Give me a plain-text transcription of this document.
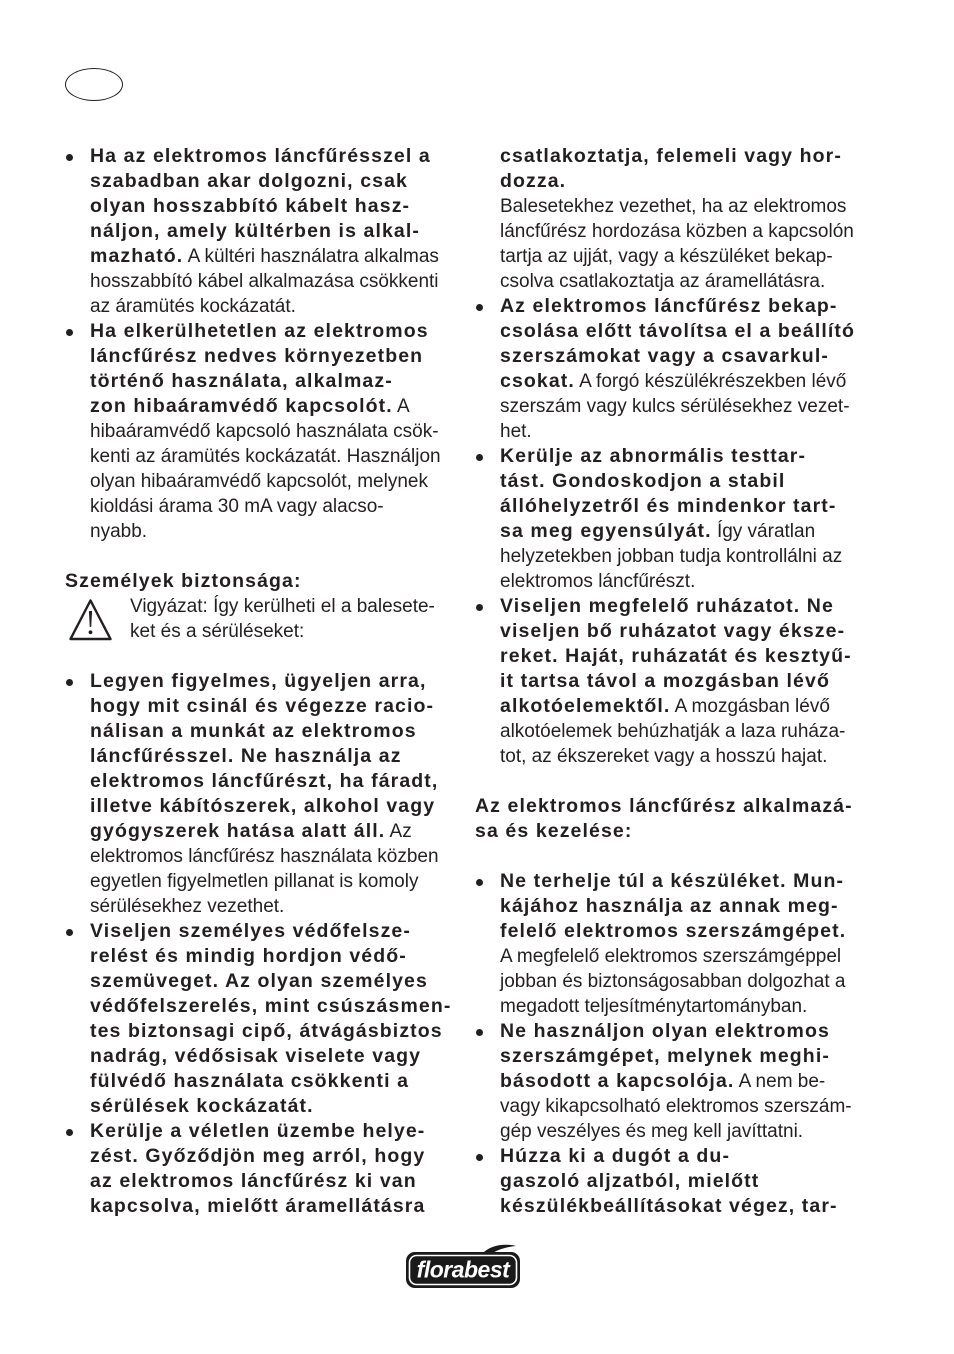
Ha az elektromos láncfűrésszel a
szabadban akar dolgozni, csak
olyan hosszabbító kábelt hasz-
náljon, amely kültérben is alkal-
mazható. A kültéri használatra alkalmas
hosszabbító kábel alkalmazása csökkenti
az áramütés kockázatát.
Ha elkerülhetetlen az elektromos
láncfűrész nedves környezetben
történő használata, alkalmaz-
zon hibaáramvédő kapcsolót. A
hibaáramvédő kapcsoló használata csök-
kenti az áramütés kockázatát. Használjon
olyan hibaáramvédő kapcsolót, melynek
kioldási árama 30 mA vagy alacso-
nyabb.
Személyek biztonsága:
Vigyázat: Így kerülheti el a balesete-
ket és a sérüléseket:
Legyen figyelmes, ügyeljen arra,
hogy mit csinál és végezze racio-
nálisan a munkát az elektromos
láncfűrésszel. Ne használja az
elektromos láncfűrészt, ha fáradt,
illetve kábítószerek, alkohol vagy
gyógyszerek hatása alatt áll. Az
elektromos láncfűrész használata közben
egyetlen figyelmetlen pillanat is komoly
sérülésekhez vezethet.
Viseljen személyes védőfelsze-
relést és mindig hordjon védő-
szemüveget. Az olyan személyes
védőfelszerelés, mint csúszásmen-
tes biztonsagi cipő, átvágásbiztos
nadrág, védősisak viselete vagy
fülvédő használata csökkenti a
sérülések kockázatát.
Kerülje a véletlen üzembe helye-
zést. Győződjön meg arról, hogy
az elektromos láncfűrész ki van
kapcsolva, mielőtt áramellátásra
csatlakoztatja, felemeli vagy hor-
dozza.
Balesetekhez vezethet, ha az elektromos
láncfűrész hordozása közben a kapcsolón
tartja az ujját, vagy a készüléket bekap-
csolva csatlakoztatja az áramellátásra.
Az elektromos láncfűrész bekap-
csolása előtt távolítsa el a beállító
szerszámokat vagy a csavarkul-
csokat. A forgó készülékrészekben lévő
szerszám vagy kulcs sérülésekhez vezet-
het.
Kerülje az abnormális testtar-
tást. Gondoskodjon a stabil
állóhelyzetről és mindenkor tart-
sa meg egyensúlyát. Így váratlan
helyzetekben jobban tudja kontrollálni az
elektromos láncfűrészt.
Viseljen megfelelő ruházatot. Ne
viseljen bő ruházatot vagy éksze-
reket. Haját, ruházatát és kesztyű-
it tartsa távol a mozgásban lévő
alkotóelemektől. A mozgásban lévő
alkotóelemek behúzhatják a laza ruháza-
tot, az ékszereket vagy a hosszú hajat.
Az elektromos láncfűrész alkalmazá-
sa és kezelése:
Ne terhelje túl a készüléket. Mun-
kájához használja az annak meg-
felelő elektromos szerszámgépet.
A megfelelő elektromos szerszámgéppel
jobban és biztonságosabban dolgozhat a
megadott teljesítménytartományban.
Ne használjon olyan elektromos
szerszámgépet, melynek meghi-
básodott a kapcsolója. A nem be-
vagy kikapcsolható elektromos szerszám-
gép veszélyes és meg kell javíttatni.
Húzza ki a dugót a du-
gaszoló aljzatból, mielőtt
készülékbeállításokat végez, tar-
florabest
